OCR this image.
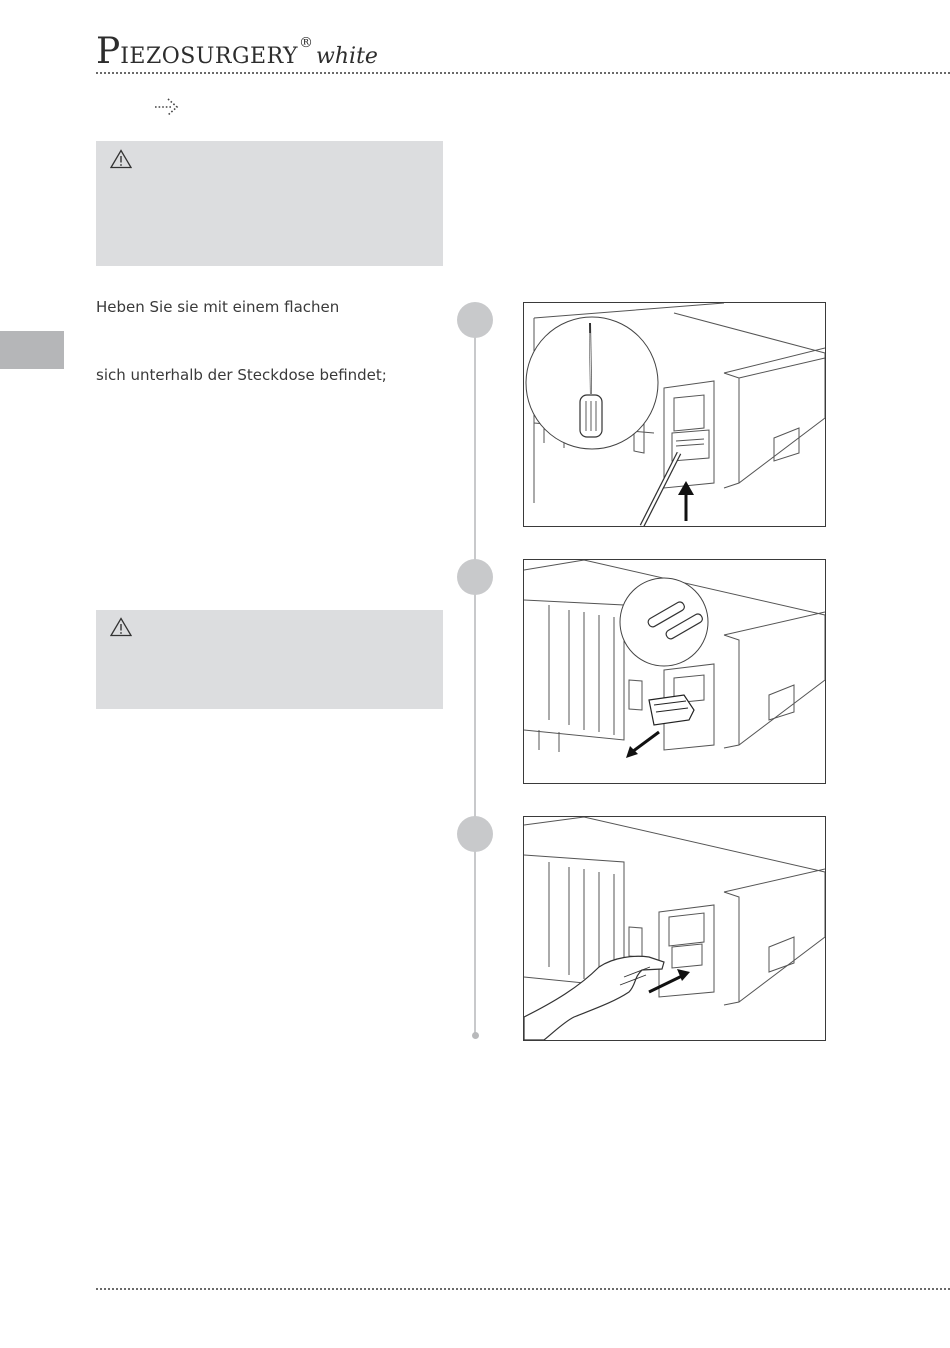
PIEZOSURGERY®white
Heben Sie sie mit einem flachen
sich unterhalb der Steckdose befindet;
